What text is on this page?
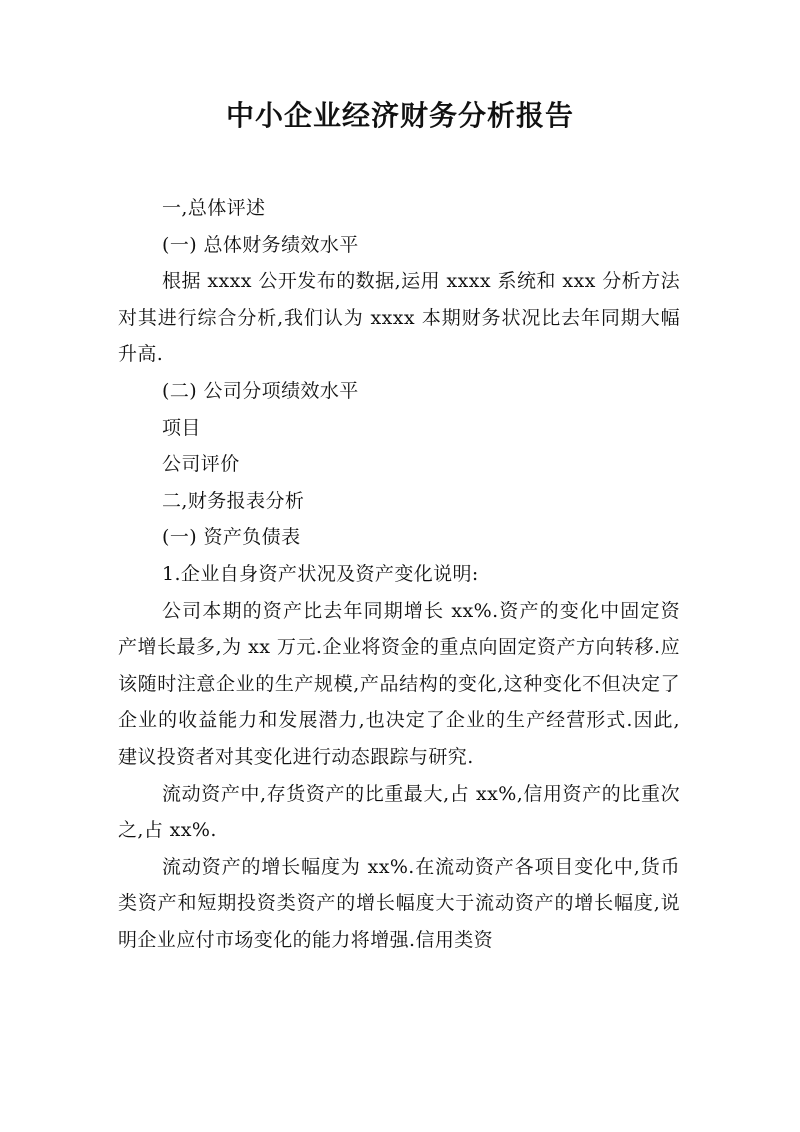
中小企业经济财务分析报告

一,总体评述

(一) 总体财务绩效水平

根据 xxxx 公开发布的数据,运用 xxxx 系统和 xxx 分析方法对其进行综合分析,我们认为 xxxx 本期财务状况比去年同期大幅升高.

(二) 公司分项绩效水平

项目

公司评价

二,财务报表分析

(一) 资产负债表

1.企业自身资产状况及资产变化说明:

公司本期的资产比去年同期增长 xx%.资产的变化中固定资产增长最多,为 xx 万元.企业将资金的重点向固定资产方向转移.应该随时注意企业的生产规模,产品结构的变化,这种变化不但决定了企业的收益能力和发展潜力,也决定了企业的生产经营形式.因此,建议投资者对其变化进行动态跟踪与研究.

流动资产中,存货资产的比重最大,占 xx%,信用资产的比重次之,占 xx%.

流动资产的增长幅度为 xx%.在流动资产各项目变化中,货币类资产和短期投资类资产的增长幅度大于流动资产的增长幅度,说明企业应付市场变化的能力将增强.信用类资
